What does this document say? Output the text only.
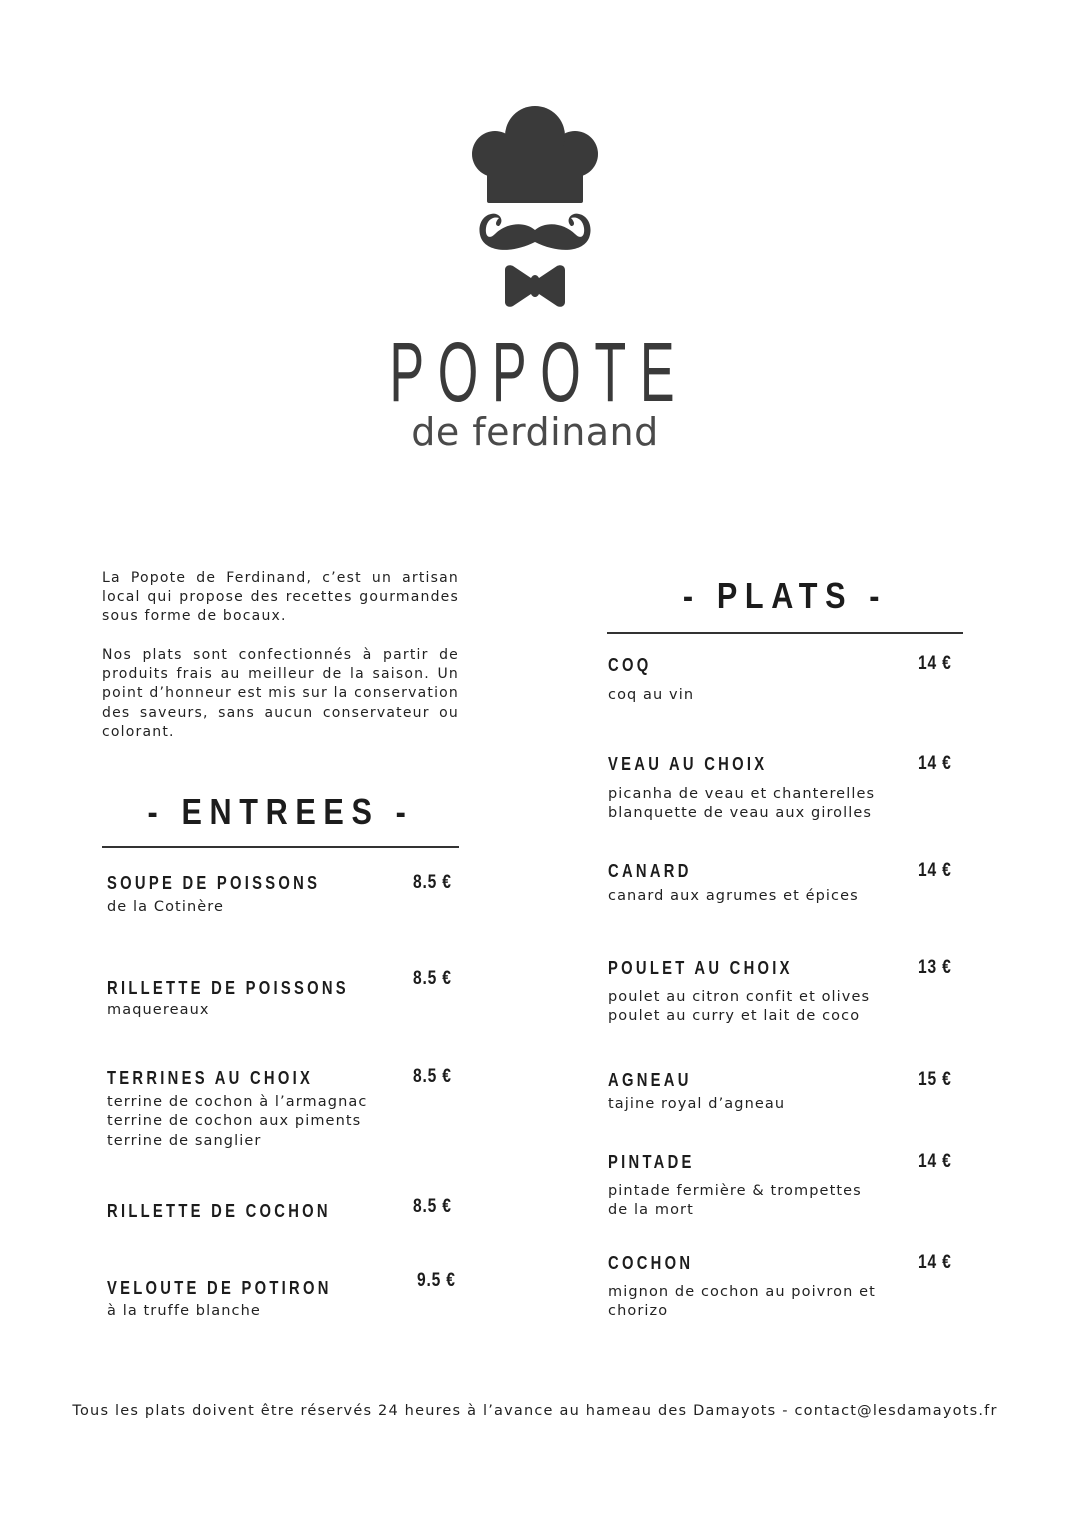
POPOTE
de ferdinand

La Popote de Ferdinand, c’est un artisan local qui propose des recettes gourmandes sous forme de bocaux.

Nos plats sont confectionnés à partir de produits frais au meilleur de la saison. Un point d’honneur est mis sur la conservation des saveurs, sans aucun conservateur ou colorant.

- ENTREES -
SOUPE DE POISSONS	8.5 €
de la Cotinère
RILLETTE DE POISSONS	8.5 €
maquereaux
TERRINES AU CHOIX	8.5 €
terrine de cochon à l’armagnac
terrine de cochon aux piments
terrine de sanglier
RILLETTE DE COCHON	8.5 €
VELOUTE DE POTIRON	9.5 €
à la truffe blanche
- PLATS -
COQ	14 €
coq au vin
VEAU AU CHOIX	14 €
picanha de veau et chanterelles
blanquette de veau aux girolles
CANARD	14 €
canard aux agrumes et épices
POULET AU CHOIX	13 €
poulet au citron confit et olives
poulet au curry et lait de coco
AGNEAU	15 €
tajine royal d’agneau
PINTADE	14 €
pintade fermière & trompettes
de la mort
COCHON	14 €
mignon de cochon au poivron et
chorizo
Tous les plats doivent être réservés 24 heures à l’avance au hameau des Damayots - contact@lesdamayots.fr
